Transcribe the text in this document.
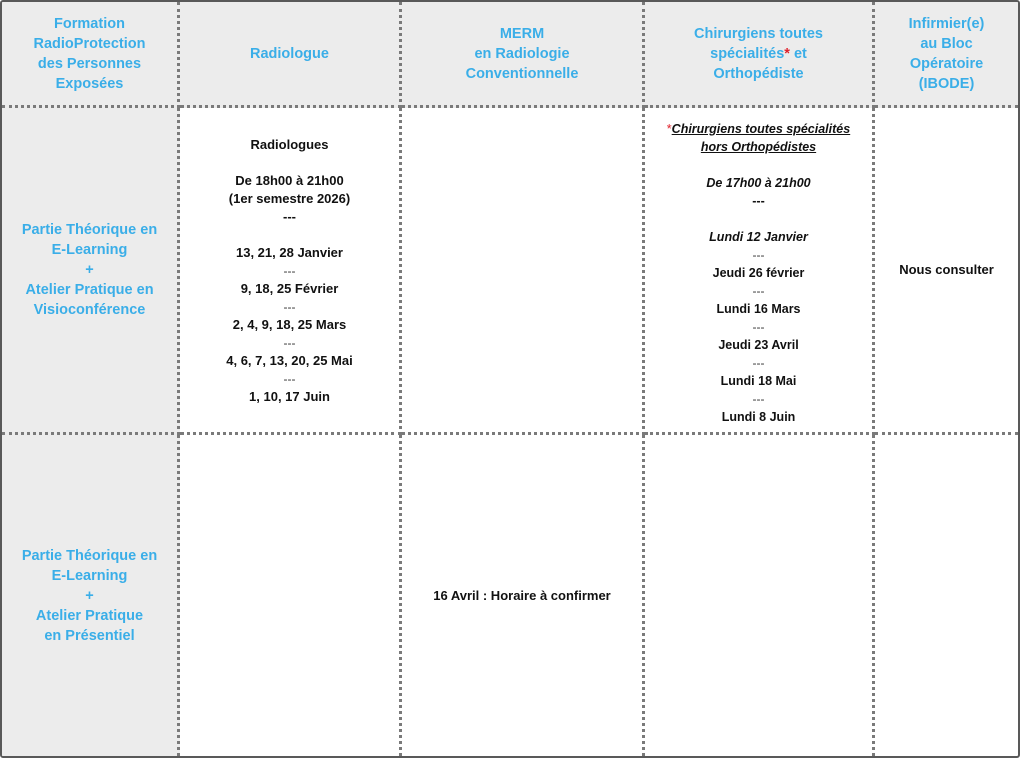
Formation
RadioProtection
des Personnes
Exposées
Radiologue
MERM
en Radiologie
Conventionnelle
Chirurgiens toutes
spécialités* et
Orthopédiste
Infirmier(e)
au Bloc
Opératoire
(IBODE)
Partie Théorique en
E-Learning
+
Atelier Pratique en
Visioconférence
Radiologues
De 18h00 à 21h00
(1er semestre 2026)
---
13, 21, 28 Janvier
---
9, 18, 25 Février
---
2, 4, 9, 18, 25 Mars
---
4, 6, 7, 13, 20, 25 Mai
---
1, 10, 17 Juin
*Chirurgiens toutes spécialités
hors Orthopédistes
De 17h00 à 21h00
---
Lundi 12 Janvier
---
Jeudi 26 février
---
Lundi 16 Mars
---
Jeudi 23 Avril
---
Lundi 18 Mai
---
Lundi 8 Juin
Nous consulter
Partie Théorique en
E-Learning
+
Atelier Pratique
en Présentiel
16 Avril : Horaire à confirmer
